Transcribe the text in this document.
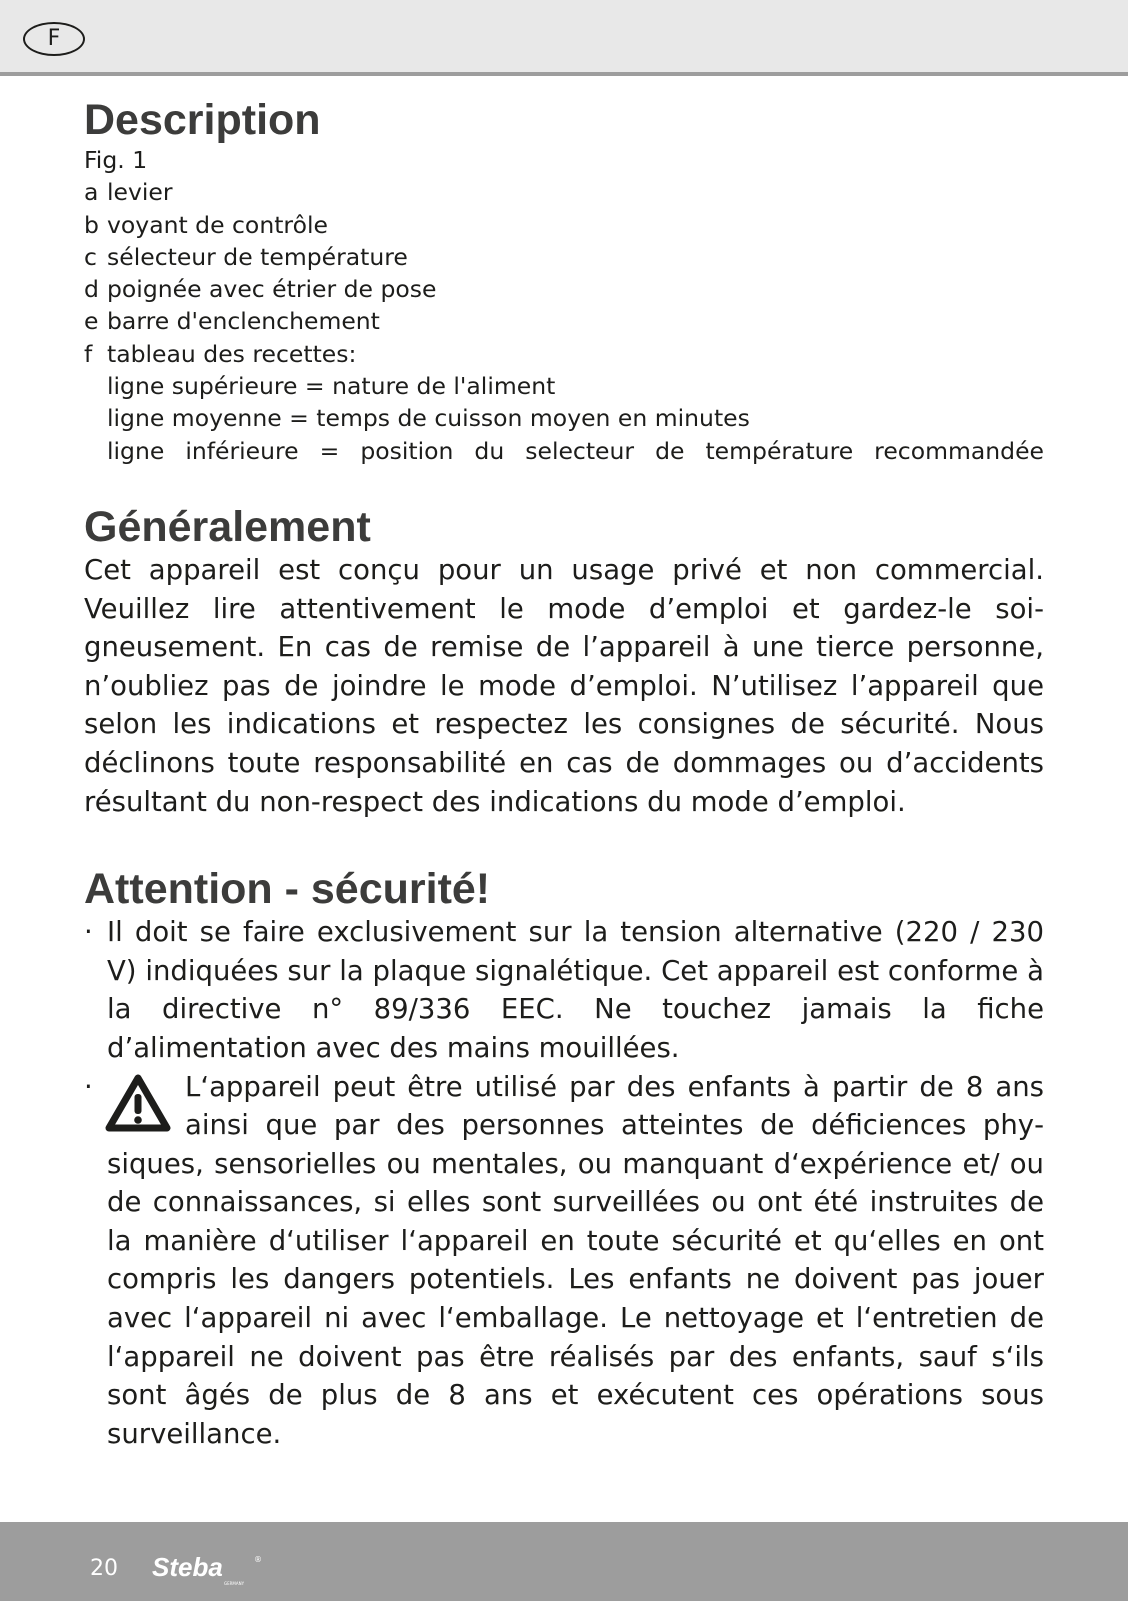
F
Description
Fig. 1
a levier
b voyant de contrôle
c sélecteur de température
d poignée avec étrier de pose
e barre d'enclenchement
f tableau des recettes:
ligne supérieure = nature de l'aliment
ligne moyenne = temps de cuisson moyen en minutes
ligne inférieure = position du selecteur de température recommandée
Généralement

Cet appareil est conçu pour un usage privé et non commercial. Veuillez lire attentivement le mode d’emploi et gardez-le soigneusement. En cas de remise de l’appareil à une tierce personne, n’oubliez pas de joindre le mode d’emploi. N’utilisez l’appareil que selon les indications et respectez les consignes de sécurité. Nous déclinons toute responsabilité en cas de dommages ou d’accidents résultant du non-respect des indications du mode d’emploi.

Attention - sécurité!
· Il doit se faire exclusivement sur la tension alternative (220 / 230 V) indiquées sur la plaque signalétique. Cet appareil est conforme à la directive n° 89/336 EEC. Ne touchez jamais la fiche d’alimentation avec des mains mouillées.
·	L‘appareil peut être utilisé par des enfants à partir de 8 ans ainsi que par des personnes atteintes de déficiences physiques, sensorielles ou mentales, ou manquant d‘expérience et/ ou de connaissances, si elles sont surveillées ou ont été instruites de la manière d‘utiliser l‘appareil en toute sécurité et qu‘elles en ont compris les dangers potentiels. Les enfants ne doivent pas jouer avec l‘appareil ni avec l‘emballage. Le nettoyage et l‘entretien de l‘appareil ne doivent pas être réalisés par des enfants, sauf s‘ils sont âgés de plus de 8 ans et exécutent ces opérations sous surveillance.
20 Steba	®
GERMANY
